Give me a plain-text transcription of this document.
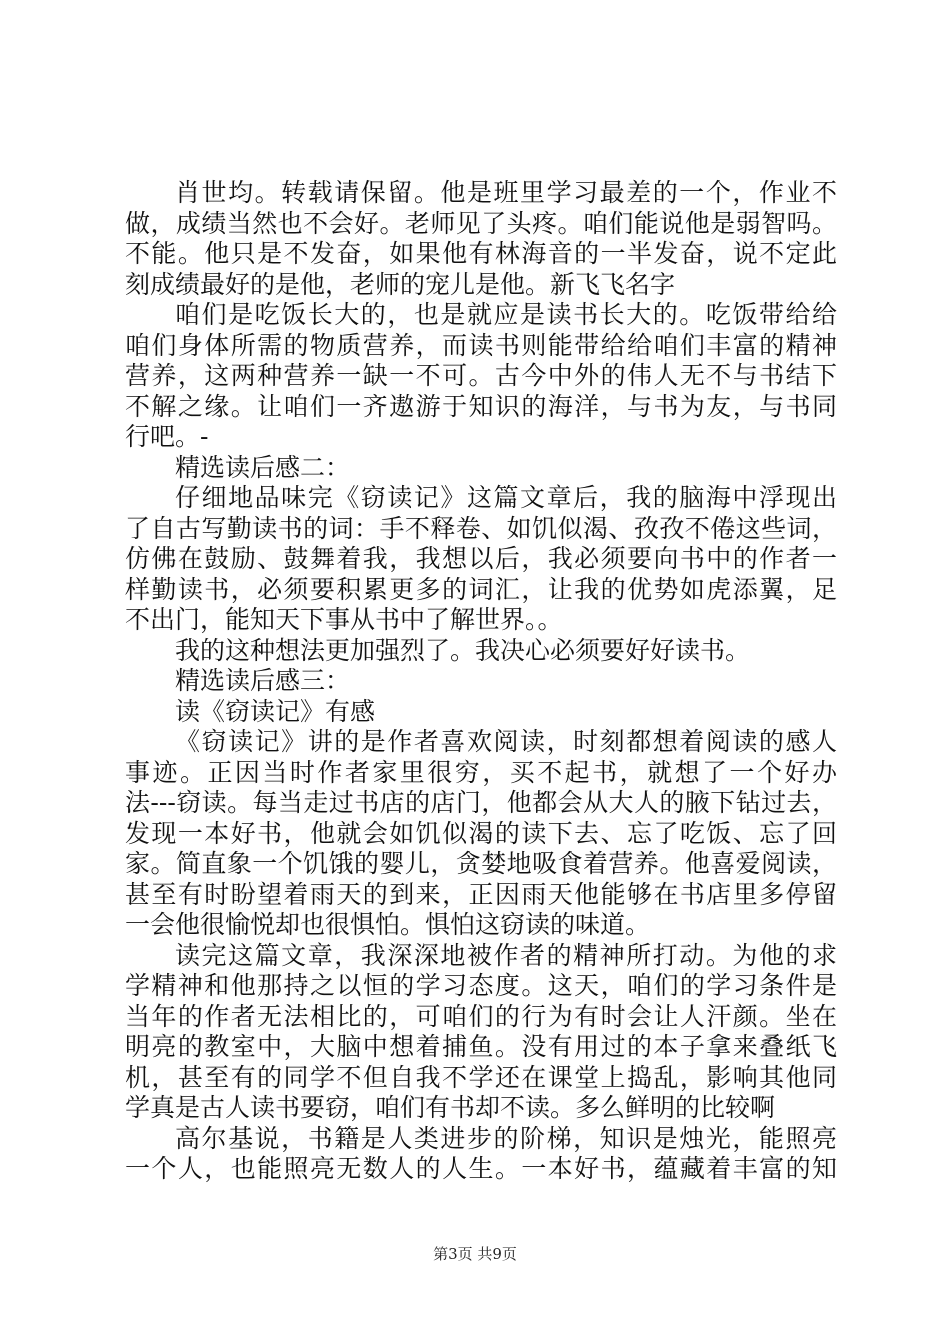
肖世均。转载请保留。他是班里学习最差的一个，作业不
做，成绩当然也不会好。老师见了头疼。咱们能说他是弱智吗。
不能。他只是不发奋，如果他有林海音的一半发奋，说不定此
刻成绩最好的是他，老师的宠儿是他。新飞飞名字
咱们是吃饭长大的，也是就应是读书长大的。吃饭带给给
咱们身体所需的物质营养，而读书则能带给给咱们丰富的精神
营养，这两种营养一缺一不可。古今中外的伟人无不与书结下
不解之缘。让咱们一齐遨游于知识的海洋，与书为友，与书同
行吧。-
精选读后感二：
仔细地品味完《窃读记》这篇文章后，我的脑海中浮现出
了自古写勤读书的词：手不释卷、如饥似渴、孜孜不倦这些词，
仿佛在鼓励、鼓舞着我，我想以后，我必须要向书中的作者一
样勤读书，必须要积累更多的词汇，让我的优势如虎添翼，足
不出门，能知天下事从书中了解世界。。
我的这种想法更加强烈了。我决心必须要好好读书。
精选读后感三：
读《窃读记》有感
《窃读记》讲的是作者喜欢阅读，时刻都想着阅读的感人
事迹。正因当时作者家里很穷，买不起书，就想了一个好办
法---窃读。每当走过书店的店门，他都会从大人的腋下钻过去，
发现一本好书，他就会如饥似渴的读下去、忘了吃饭、忘了回
家。简直象一个饥饿的婴儿，贪婪地吸食着营养。他喜爱阅读，
甚至有时盼望着雨天的到来，正因雨天他能够在书店里多停留
一会他很愉悦却也很惧怕。惧怕这窃读的味道。
读完这篇文章，我深深地被作者的精神所打动。为他的求
学精神和他那持之以恒的学习态度。这天，咱们的学习条件是
当年的作者无法相比的，可咱们的行为有时会让人汗颜。坐在
明亮的教室中，大脑中想着捕鱼。没有用过的本子拿来叠纸飞
机，甚至有的同学不但自我不学还在课堂上捣乱，影响其他同
学真是古人读书要窃，咱们有书却不读。多么鲜明的比较啊
高尔基说，书籍是人类进步的阶梯，知识是烛光，能照亮
一个人，也能照亮无数人的人生。一本好书，蕴藏着丰富的知
第3页 共9页
